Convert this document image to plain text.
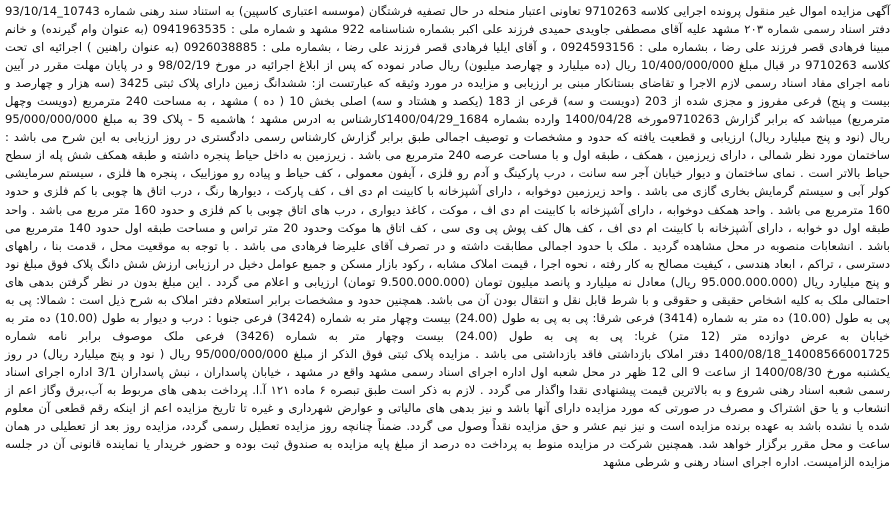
آگهی مزایده اموال غیر منقول پرونده اجرایی کلاسه 9710263 تعاونی اعتبار منحله در حال تصفیه فرشتگان (موسسه اعتباری کاسپین) به استناد سند رهنی شماره 10743_93/10/14 دفتر اسناد رسمی شماره ۲۰۳ مشهد علیه آقای مصطفی جاویدی حمیدی فرزند علی اکبر بشماره شناسنامه 922 مشهد و شماره ملی : 0941963535 (به عنوان وام گیرنده) و خانم مبینا فرهادی قصر فرزند علی رضا ، بشماره ملی : 0924593156 ، و آقای ایلیا فرهادی قصر فرزند علی رضا ، بشماره ملی : 0926038885 (به عنوان راهنین ) اجرائیه ای تحت کلاسه 9710263 در قبال مبلغ 10/400/000/000 ریال (ده میلیارد و چهارصد میلیون) ریال صادر نموده که پس از ابلاغ اجرائیه در مورخ 98/02/19 و در پایان مهلت مقرر در آیین نامه اجرای مفاد اسناد رسمی لازم الاجرا و تقاضای بستانکار مبنی بر ارزیابی و مزایده در مورد وثیقه که عبارتست از: ششدانگ زمین دارای پلاک ثبتی 3425 (سه هزار و چهارصد و بیست و پنج) فرعی مفروز و مجزی شده از 203 (دویست و سه) قرعی از 183 (یکصد و هشتاد و سه) اصلی بخش 10 ( ده ) مشهد ، به مساحت 240 مترمربع (دویست وچهل مترمربع) میباشد که برابر گزارش 9710263مورخه 1400/04/28 وارده بشماره 1684_1400/04/29کارشناس به ادرس مشهد ؛ هاشمیه 5 - پلاک 39 به مبلغ 95/000/000/000 ریال (نود و پنج میلیارد ریال) ارزیابی و قطعیت یافته که حدود و مشخصات و توصیف اجمالی طبق برابر گزارش کارشناس رسمی دادگستری در روز ارزیابی به این شرح می باشد : ساختمان مورد نظر شمالی ، دارای زیرزمین ، همکف ، طبقه اول و با مساحت عرصه 240 مترمربع می باشد . زیرزمین به داخل حیاط پنجره داشته و طبقه همکف شش پله از سطح حیاط بالاتر است . نمای ساختمان و دیوار خیابان آجر سه سانت ، درب پارکینگ و آدم رو فلزی ، آیفون معمولی ، کف حیاط و پیاده رو موزاییک ، پنجره ها فلزی ، سیستم سرمایشی کولر آبی و سیستم گرمایش بخاری گازی می باشد . واحد زیرزمین دوخوابه ، دارای آشپزخانه با کابینت ام دی اف ، کف پارکت ، دیوارها رنگ ، درب اتاق ها چوبی با کم فلزی و حدود 160 مترمربع می باشد . واحد همکف دوخوابه ، دارای آشپزخانه با کابینت ام دی اف ، موکت ، کاغذ دیواری ، درب های اتاق چوبی با کم فلزی و حدود 160 متر مربع می باشد . واحد طبقه اول دو خوابه ، دارای آشپزخانه با کابینت ام دی اف ، کف هال کف پوش پی وی سی ، کف اتاق ها موکت وحدود 20 متر تراس و مساحت طبقه اول حدود 140 مترمربع می باشد . انشعابات منصوبه در محل مشاهده گردید . ملک با حدود اجمالی مطابقت داشته و در تصرف آقای علیرضا فرهادی می باشد . با توجه به موقعیت محل ، قدمت بنا ، راههای دسترسی ، تراکم ، ابعاد هندسی ، کیفیت مصالح به کار رفته ، نحوه اجرا ، قیمت املاک مشابه ، رکود بازار مسکن و جمیع عوامل دخیل در ارزیابی ارزش شش دانگ پلاک فوق مبلغ نود و پنج میلیارد ریال (95.000.000.000 ریال) معادل نه میلیارد و پانصد میلیون تومان (9.500.000.000 تومان) ارزیابی و اعلام می گردد . این مبلغ بدون در نظر گرفتن بدهی های احتمالی ملک به کلیه اشخاص حقیقی و حقوقی و با شرط قابل نقل و انتقال بودن آن می باشد. همچنین حدود و مشخصات برابر استعلام دفتر املاک به شرح ذیل است : شمالا: پی به پی به طول (10.00) ده متر به شماره (3414) فرعی شرقا: پی به پی به طول (24.00) بیست وچهار متر به شماره (3424) فرعی جنوبا : درب و دیوار به طول (10.00) ده متر به خیابان به عرض دوازده متر (12 متر) غربا: پی به پی به طول (24.00) بیست وچهار متر به شماره (3426) فرعی ملک موصوف برابر نامه شماره 14008566001725_1400/08/18 دفتر املاک بازداشتی فاقد بازداشتی می باشد . مزایده پلاک ثبتی فوق الذکر از مبلغ 95/000/000/000 ریال ( نود و پنج میلیارد ریال) در روز یکشنبه مورخ 1400/08/30 از ساعت 9 الی 12 ظهر در محل شعبه اول اداره اجرای اسناد رسمی مشهد واقع در مشهد ، خیابان پاسداران ، نبش پاسداران 3/1 اداره اجرای اسناد رسمی شعبه اسناد رهنی شروع و به بالاترین قیمت پیشنهادی نقدا واگذار می گردد . لازم به ذکر است طبق تبصره ۶ ماده ۱۲۱ آ.ا. پرداخت بدهی های مربوط به آب،برق وگاز اعم از انشعاب و یا حق اشتراک و مصرف در صورتی که مورد مزایده دارای آنها باشد و نیز بدهی های مالیاتی و عوارض شهرداری و غیره تا تاریخ مزایده اعم از اینکه رقم قطعی آن معلوم شده یا نشده باشد به عهده برنده مزایده است و نیز نیم عشر و حق مزایده نقداً وصول می گردد. ضمناً چنانچه روز مزایده تعطیل رسمی گردد، مزایده روز بعد از تعطیلی در همان ساعت و محل مقرر برگزار خواهد شد. همچنین شرکت در مزایده منوط به پرداخت ده درصد از مبلغ پایه مزایده به صندوق ثبت بوده و حضور خریدار یا نماینده قانونی آن در جلسه مزایده الزامیست. اداره اجرای اسناد رهنی و شرطی مشهد
